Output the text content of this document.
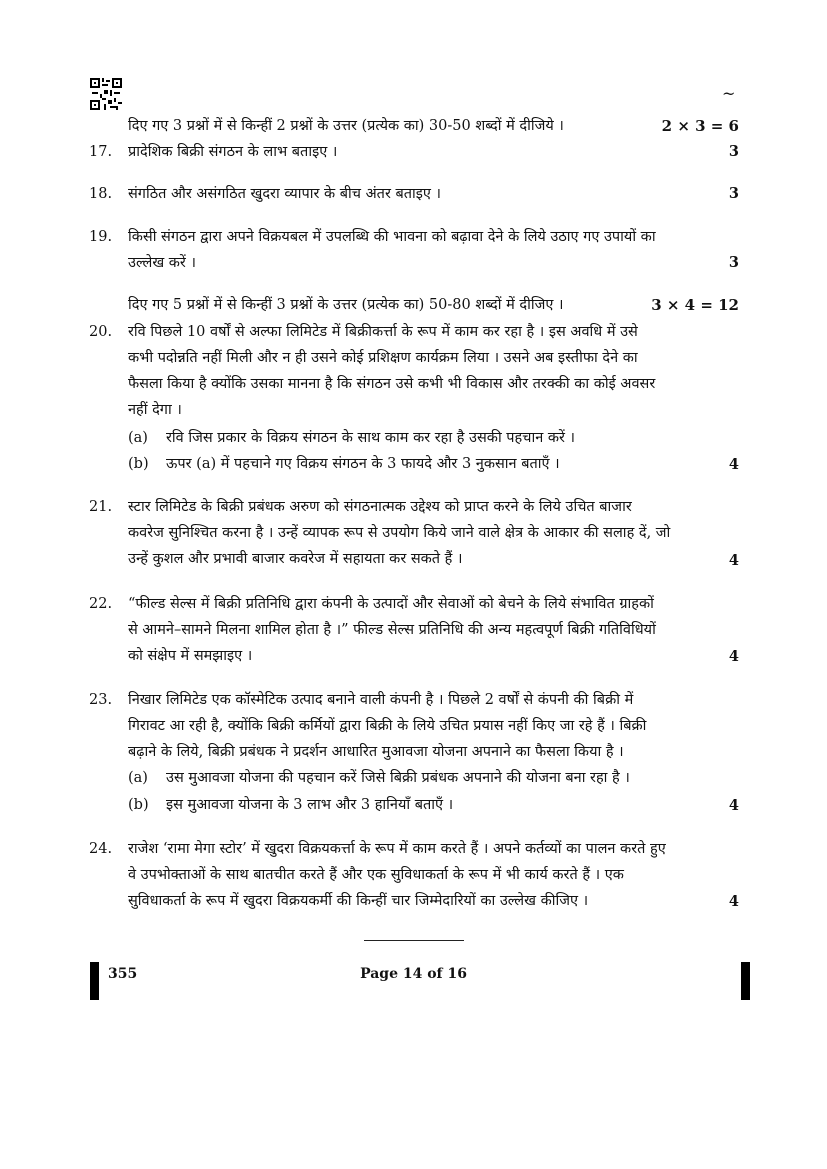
~
दिए गए 3 प्रश्नों में से किन्हीं 2 प्रश्नों के उत्तर (प्रत्येक का) 30-50 शब्दों में दीजिये ।	2 × 3 = 6
17. प्रादेशिक बिक्री संगठन के लाभ बताइए ।	3
18. संगठित और असंगठित खुदरा व्यापार के बीच अंतर बताइए ।	3
19. किसी संगठन द्वारा अपने विक्रयबल में उपलब्धि की भावना को बढ़ावा देने के लिये उठाए गए उपायों का
उल्लेख करें ।	3
दिए गए 5 प्रश्नों में से किन्हीं 3 प्रश्नों के उत्तर (प्रत्येक का) 50-80 शब्दों में दीजिए ।	3 × 4 = 12
20. रवि पिछले 10 वर्षों से अल्फा लिमिटेड में बिक्रीकर्त्ता के रूप में काम कर रहा है । इस अवधि में उसे
कभी पदोन्नति नहीं मिली और न ही उसने कोई प्रशिक्षण कार्यक्रम लिया । उसने अब इस्तीफा देने का
फैसला किया है क्योंकि उसका मानना है कि संगठन उसे कभी भी विकास और तरक्की का कोई अवसर
नहीं देगा ।
(a) रवि जिस प्रकार के विक्रय संगठन के साथ काम कर रहा है उसकी पहचान करें ।
(b) ऊपर (a) में पहचाने गए विक्रय संगठन के 3 फायदे और 3 नुकसान बताएँ ।	4
21. स्टार लिमिटेड के बिक्री प्रबंधक अरुण को संगठनात्मक उद्देश्य को प्राप्त करने के लिये उचित बाजार
कवरेज सुनिश्चित करना है । उन्हें व्यापक रूप से उपयोग किये जाने वाले क्षेत्र के आकार की सलाह दें, जो
उन्हें कुशल और प्रभावी बाजार कवरेज में सहायता कर सकते हैं ।	4
22. “फील्ड सेल्स में बिक्री प्रतिनिधि द्वारा कंपनी के उत्पादों और सेवाओं को बेचने के लिये संभावित ग्राहकों
से आमने–सामने मिलना शामिल होता है ।” फील्ड सेल्स प्रतिनिधि की अन्य महत्वपूर्ण बिक्री गतिविधियों
को संक्षेप में समझाइए ।	4
23. निखार लिमिटेड एक कॉस्मेटिक उत्पाद बनाने वाली कंपनी है । पिछले 2 वर्षों से कंपनी की बिक्री में
गिरावट आ रही है, क्योंकि बिक्री कर्मियों द्वारा बिक्री के लिये उचित प्रयास नहीं किए जा रहे हैं । बिक्री
बढ़ाने के लिये, बिक्री प्रबंधक ने प्रदर्शन आधारित मुआवजा योजना अपनाने का फैसला किया है ।
(a) उस मुआवजा योजना की पहचान करें जिसे बिक्री प्रबंधक अपनाने की योजना बना रहा है ।
(b) इस मुआवजा योजना के 3 लाभ और 3 हानियाँ बताएँ ।	4
24. राजेश ‘रामा मेगा स्टोर’ में खुदरा विक्रयकर्त्ता के रूप में काम करते हैं । अपने कर्तव्यों का पालन करते हुए
वे उपभोक्ताओं के साथ बातचीत करते हैं और एक सुविधाकर्ता के रूप में भी कार्य करते हैं । एक
सुविधाकर्ता के रूप में खुदरा विक्रयकर्मी की किन्हीं चार जिम्मेदारियों का उल्लेख कीजिए ।	4
355	Page 14 of 16
